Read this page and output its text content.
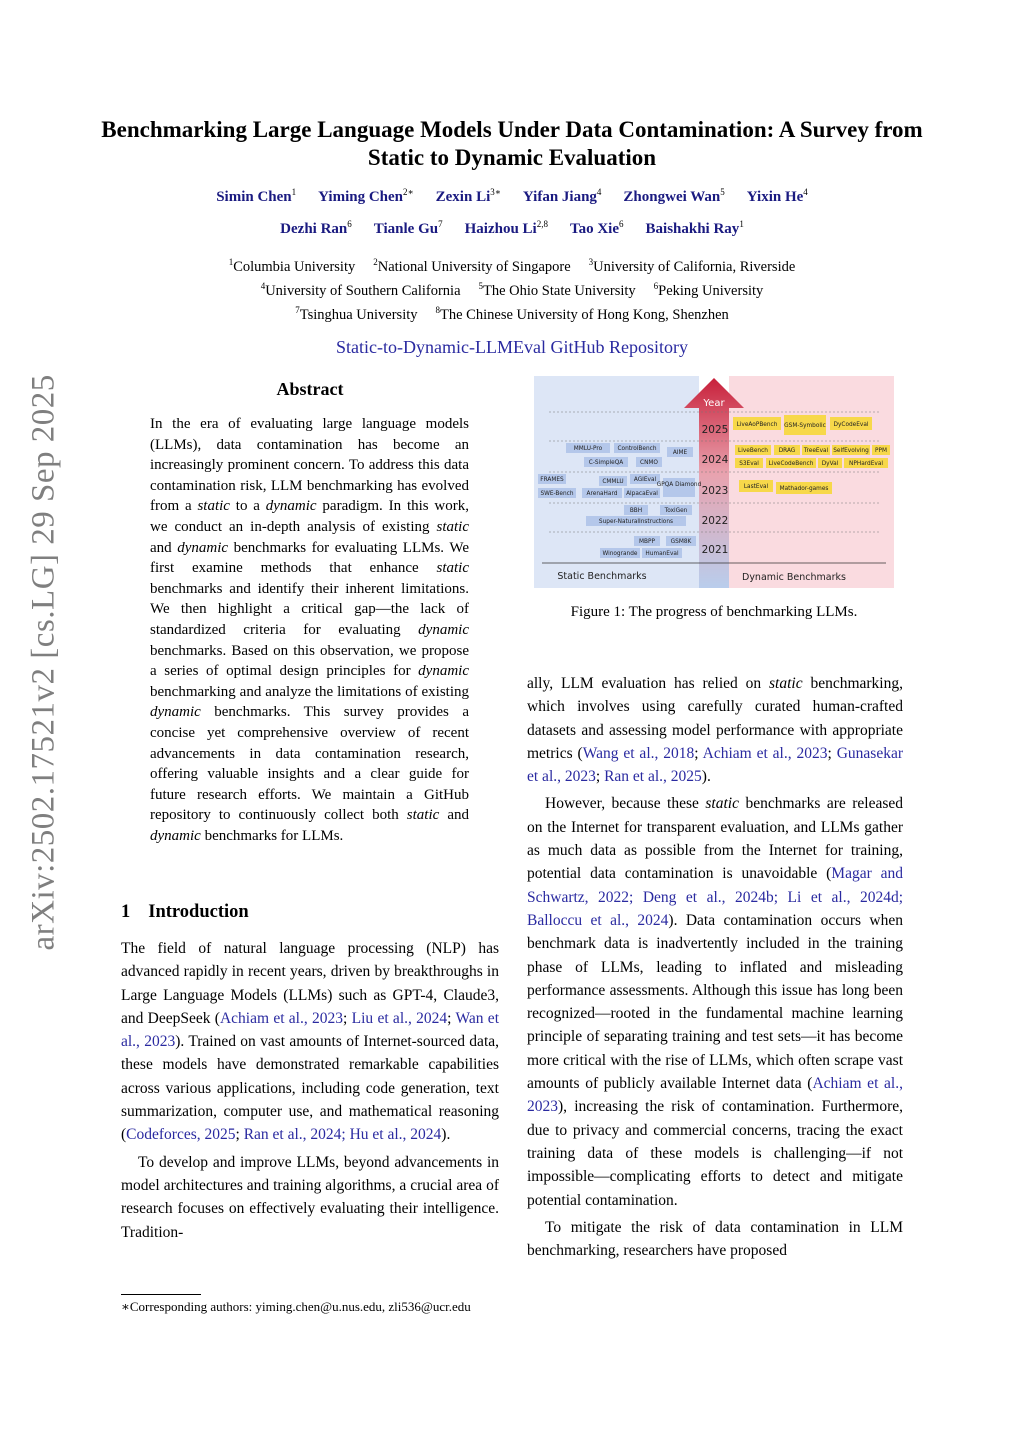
arXiv:2502.17521v2 [cs.LG] 29 Sep 2025
Benchmarking Large Language Models Under Data Contamination: A Survey from Static to Dynamic Evaluation
Simin Chen$^1$ Yiming Chen$^{2∗}$ Zexin $Li^{3∗}$ Yifan Jiang$^4$ Zhongwei Wan$^5$ Yixin He$^4$
Dezhi Ran$^6$ Tianle Gu$^7$ Haizhou Li$^{2,8}$ Tao Xie$^6$ Baishakhi Ray$^1$
$^1$Columbia University $^2$National University of Singapore $^3$University of California, Riverside
$^4$University of Southern California $^5$The Ohio State University $^6$Peking University
$^7$Tsinghua University $^8$The Chinese University of Hong Kong, Shenzhen
Static-to-Dynamic-LLMEval GitHub Repository
Abstract
In the era of evaluating large language models (LLMs), data contamination has become an increasingly prominent concern. To address this data contamination risk, LLM benchmarking has evolved from a static to a dynamic paradigm. In this work, we conduct an in-depth analysis of existing static and dynamic benchmarks for evaluating LLMs. We first examine methods that enhance static benchmarks and identify their inherent limitations. We then highlight a critical gap—the lack of standardized criteria for evaluating dynamic benchmarks. Based on this observation, we propose a series of optimal design principles for dynamic benchmarking and analyze the limitations of existing dynamic benchmarks. This survey provides a concise yet comprehensive overview of recent advancements in data contamination research, offering valuable insights and a clear guide for future research efforts. We maintain a GitHub repository to continuously collect both static and dynamic benchmarks for LLMs.
1 Introduction

The field of natural language processing (NLP) has advanced rapidly in recent years, driven by breakthroughs in Large Language Models (LLMs) such as GPT-4, Claude3, and DeepSeek (Achiam et al., 2023; Liu et al., 2024; Wan et al., 2023). Trained on vast amounts of Internet-sourced data, these models have demonstrated remarkable capabilities across various applications, including code generation, text summarization, computer use, and mathematical reasoning (Codeforces, 2025; Ran et al., 2024; Hu et al., 2024).

To develop and improve LLMs, beyond advancements in model architectures and training algorithms, a crucial area of research focuses on effectively evaluating their intelligence. Tradition-

∗Corresponding authors: yiming.chen@u.nus.edu, zli536@ucr.edu
Year
2025
2024
2023
2022
2021
Static Benchmarks	Dynamic Benchmarks
MMLU-Pro	ControlBench
AIME
C-SimpleQA	CNMO
FRAMES	CMMLU AGIEval
GPQA Diamond
SWE-Bench ArenaHard AlpacaEval
BBH	ToxiGen
Super-NaturalInstructions
MBPP	GSM8K
Winogrande HumanEval
LiveAoPBench GSM-Symbolic DyCodeEval
LiveBench DRAG TreeEval SelfEvolving PPM
S3Eval LiveCodeBench DyVal NPHardEval
LastEval Mathador-games
Figure 1: The progress of benchmarking LLMs.

ally, LLM evaluation has relied on static benchmarking, which involves using carefully curated human-crafted datasets and assessing model performance with appropriate metrics (Wang et al., 2018; Achiam et al., 2023; Gunasekar et al., 2023; Ran et al., 2025).

However, because these static benchmarks are released on the Internet for transparent evaluation, and LLMs gather as much data as possible from the Internet for training, potential data contamination is unavoidable (Magar and Schwartz, 2022; Deng et al., 2024b; Li et al., 2024d; Balloccu et al., 2024). Data contamination occurs when benchmark data is inadvertently included in the training phase of LLMs, leading to inflated and misleading performance assessments. Although this issue has long been recognized—rooted in the fundamental machine learning principle of separating training and test sets—it has become more critical with the rise of LLMs, which often scrape vast amounts of publicly available Internet data (Achiam et al., 2023), increasing the risk of contamination. Furthermore, due to privacy and commercial concerns, tracing the exact training data of these models is challenging—if not impossible—complicating efforts to detect and mitigate potential contamination.

To mitigate the risk of data contamination in LLM benchmarking, researchers have proposed
